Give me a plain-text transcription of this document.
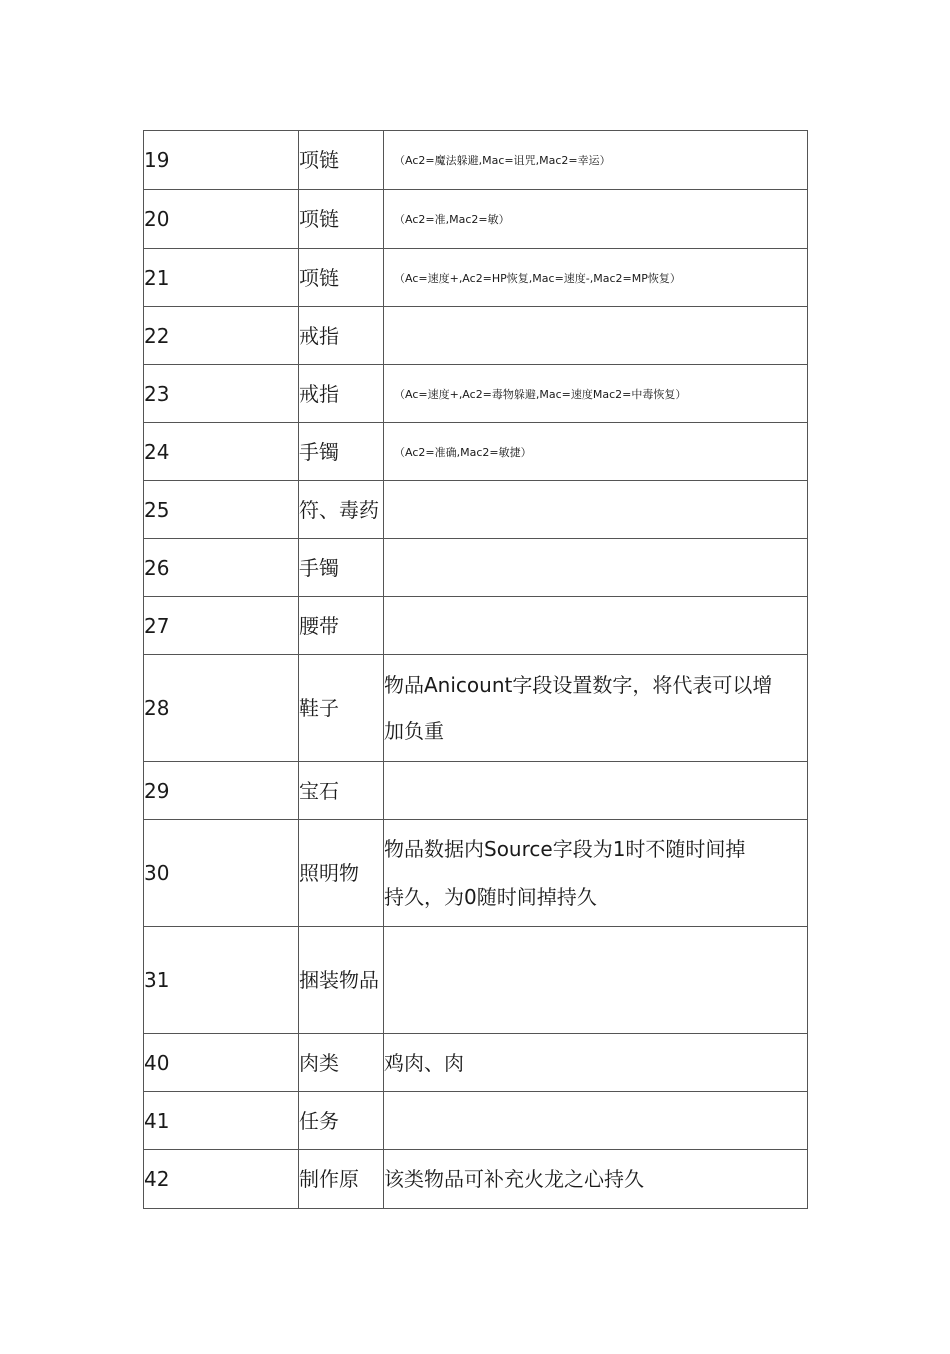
19	项链	（Ac2=魔法躲避,Mac=诅咒,Mac2=幸运）

20	项链	（Ac2=准,Mac2=敏）

21	项链	（Ac=速度+,Ac2=HP恢复,Mac=速度-,Mac2=MP恢复）

22	戒指	

23	戒指	（Ac=速度+,Ac2=毒物躲避,Mac=速度Mac2=中毒恢复）

24	手镯	（Ac2=准确,Mac2=敏捷）

25	符、毒药	

26	手镯	

27	腰带	

28	鞋子	物品Anicount字段设置数字，将代表可以增
加负重

29	宝石	

30	照明物	物品数据内Source字段为1时不随时间掉
持久，为0随时间掉持久

31	捆装物品	

40	肉类	鸡肉、肉

41	任务	

42	制作原	该类物品可补充火龙之心持久
